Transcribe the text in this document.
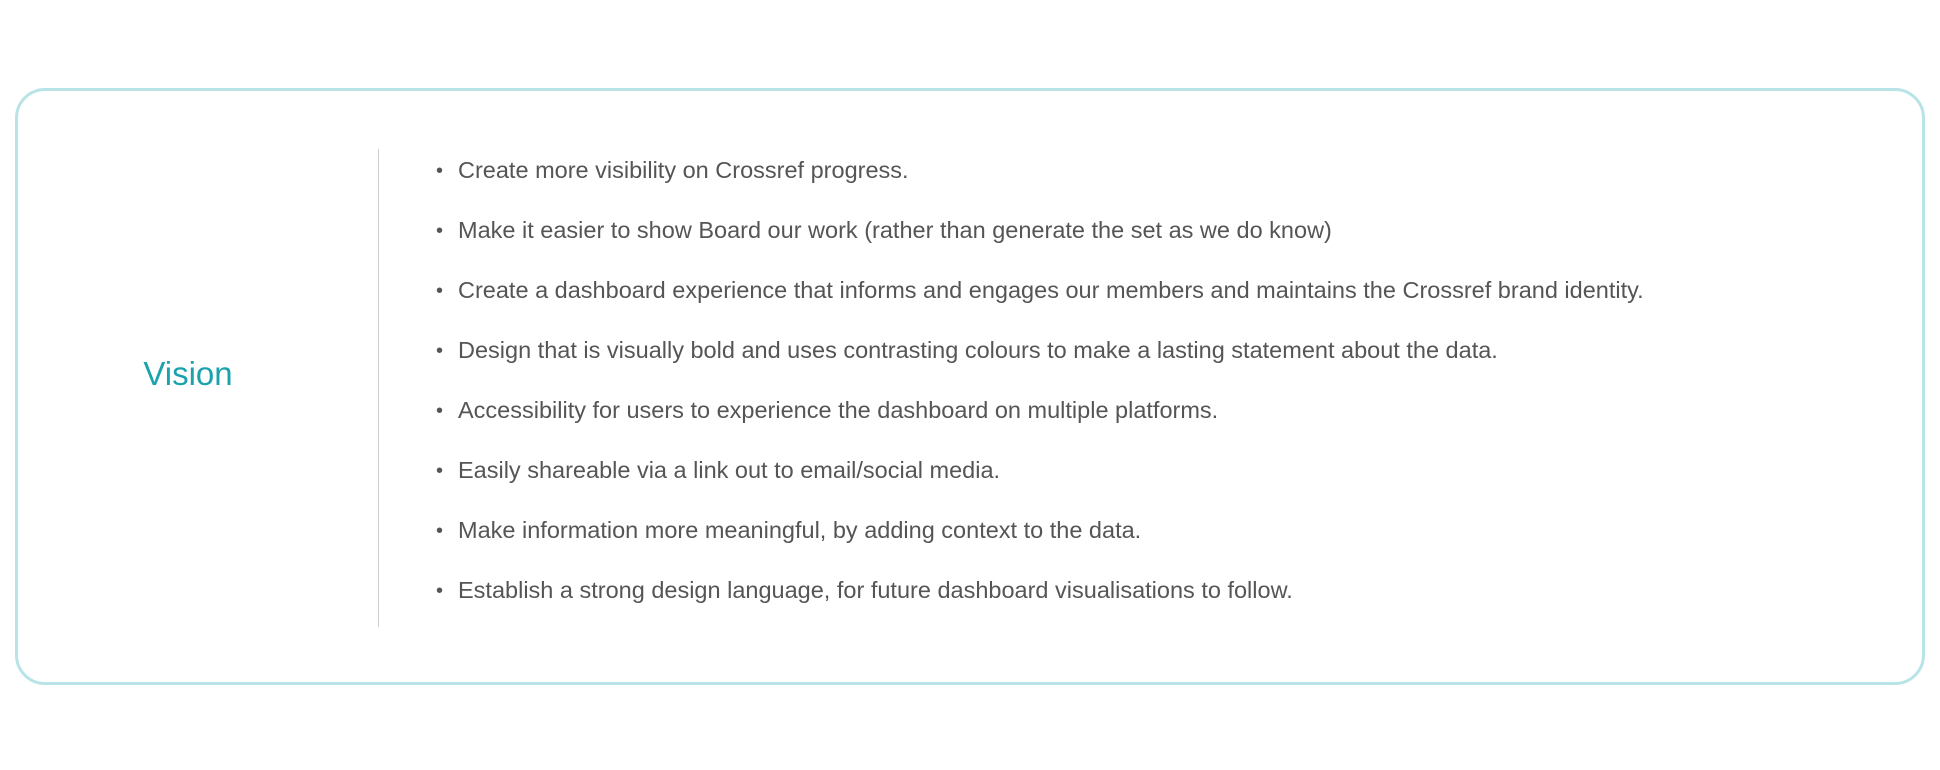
Vision
• Create more visibility on Crossref progress.
• Make it easier to show Board our work (rather than generate the set as we do know)
• Create a dashboard experience that informs and engages our members and maintains the Crossref brand identity.
• Design that is visually bold and uses contrasting colours to make a lasting statement about the data.
• Accessibility for users to experience the dashboard on multiple platforms.
• Easily shareable via a link out to email/social media.
• Make information more meaningful, by adding context to the data.
• Establish a strong design language, for future dashboard visualisations to follow.
